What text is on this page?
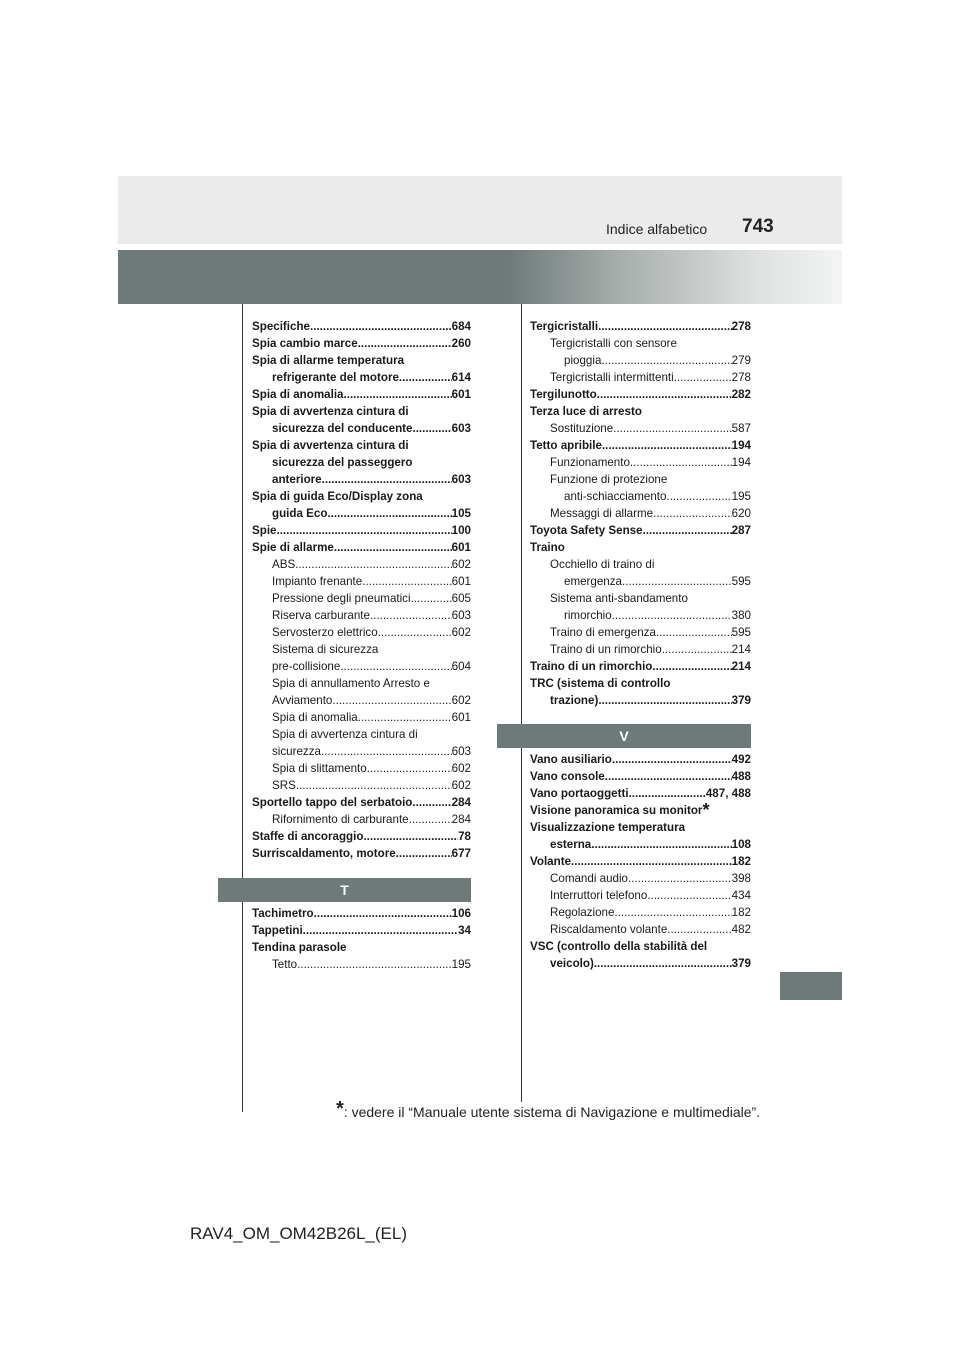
Indice alfabetico 743
Specifiche .....	684
Spia cambio marce .....	260
Spia di allarme temperatura
refrigerante del motore .....	614
Spia di anomalia .....	601
Spia di avvertenza cintura di
sicurezza del conducente .....	603
Spia di avvertenza cintura di
sicurezza del passeggero
anteriore .....	603
Spia di guida Eco/Display zona
guida Eco .....	105
Spie .....	100
Spie di allarme .....	601
ABS .....	602
Impianto frenante .....	601
Pressione degli pneumatici .....	605
Riserva carburante .....	603
Servosterzo elettrico .....	602
Sistema di sicurezza
pre-collisione .....	604
Spia di annullamento Arresto e
Avviamento .....	602
Spia di anomalia .....	601
Spia di avvertenza cintura di
sicurezza .....	603
Spia di slittamento .....	602
SRS .....	602
Sportello tappo del serbatoio .....	284
Rifornimento di carburante .....	284
Staffe di ancoraggio .....	78
Surriscaldamento, motore .....	677
T
Tachimetro .....	106
Tappetini .....	34
Tendina parasole
Tetto .....	195
Tergicristalli .....	278
Tergicristalli con sensore
pioggia .....	279
Tergicristalli intermittenti .....	278
Tergilunotto .....	282
Terza luce di arresto
Sostituzione .....	587
Tetto apribile .....	194
Funzionamento .....	194
Funzione di protezione
anti-schiacciamento .....	195
Messaggi di allarme .....	620
Toyota Safety Sense .....	287
Traino
Occhiello di traino di
emergenza .....	595
Sistema anti-sbandamento
rimorchio .....	380
Traino di emergenza .....	595
Traino di un rimorchio .....	214
Traino di un rimorchio .....	214
TRC (sistema di controllo
trazione) .....	379
V
Vano ausiliario .....	492
Vano console .....	488
Vano portaoggetti .....	487, 488
Visione panoramica su monitor *
Visualizzazione temperatura
esterna .....	108
Volante .....	182
Comandi audio .....	398
Interruttori telefono .....	434
Regolazione .....	182
Riscaldamento volante .....	482
VSC (controllo della stabilità del
veicolo) .....	379
*: vedere il “Manuale utente sistema di Navigazione e multimediale”.
RAV4_OM_OM42B26L_(EL)
